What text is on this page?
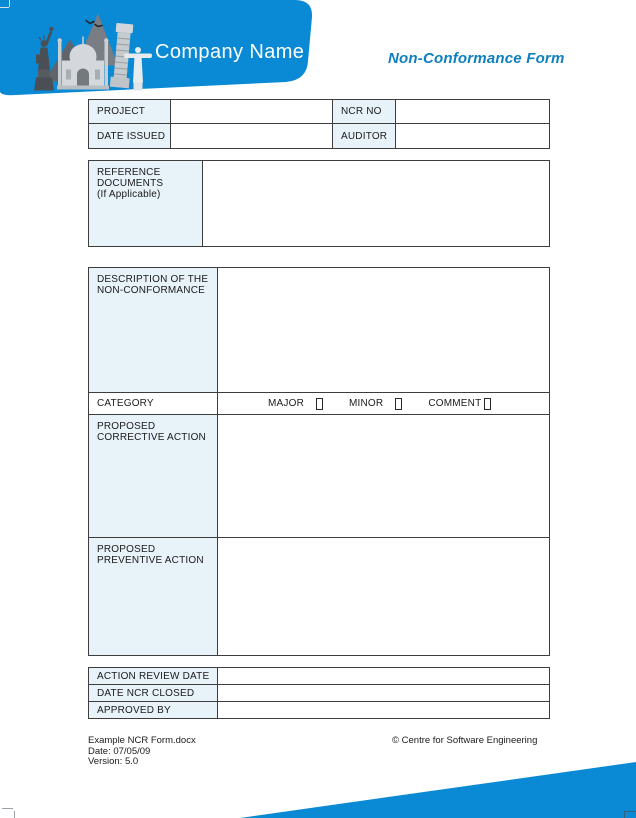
Company Name	Non-Conformance Form
PROJECT		NCR NO	
DATE ISSUED		AUDITOR	
REFERENCE DOCUMENTS (If Applicable)

DESCRIPTION OF THE NON-CONFORMANCE	

CATEGORY	MAJOR MINOR COMMENT

PROPOSED CORRECTIVE ACTION	

PROPOSED PREVENTIVE ACTION	

ACTION REVIEW DATE	
DATE NCR CLOSED	
APPROVED BY	
Example NCR Form.docx
Date: 07/05/09
Version: 5.0
© Centre for Software Engineering
